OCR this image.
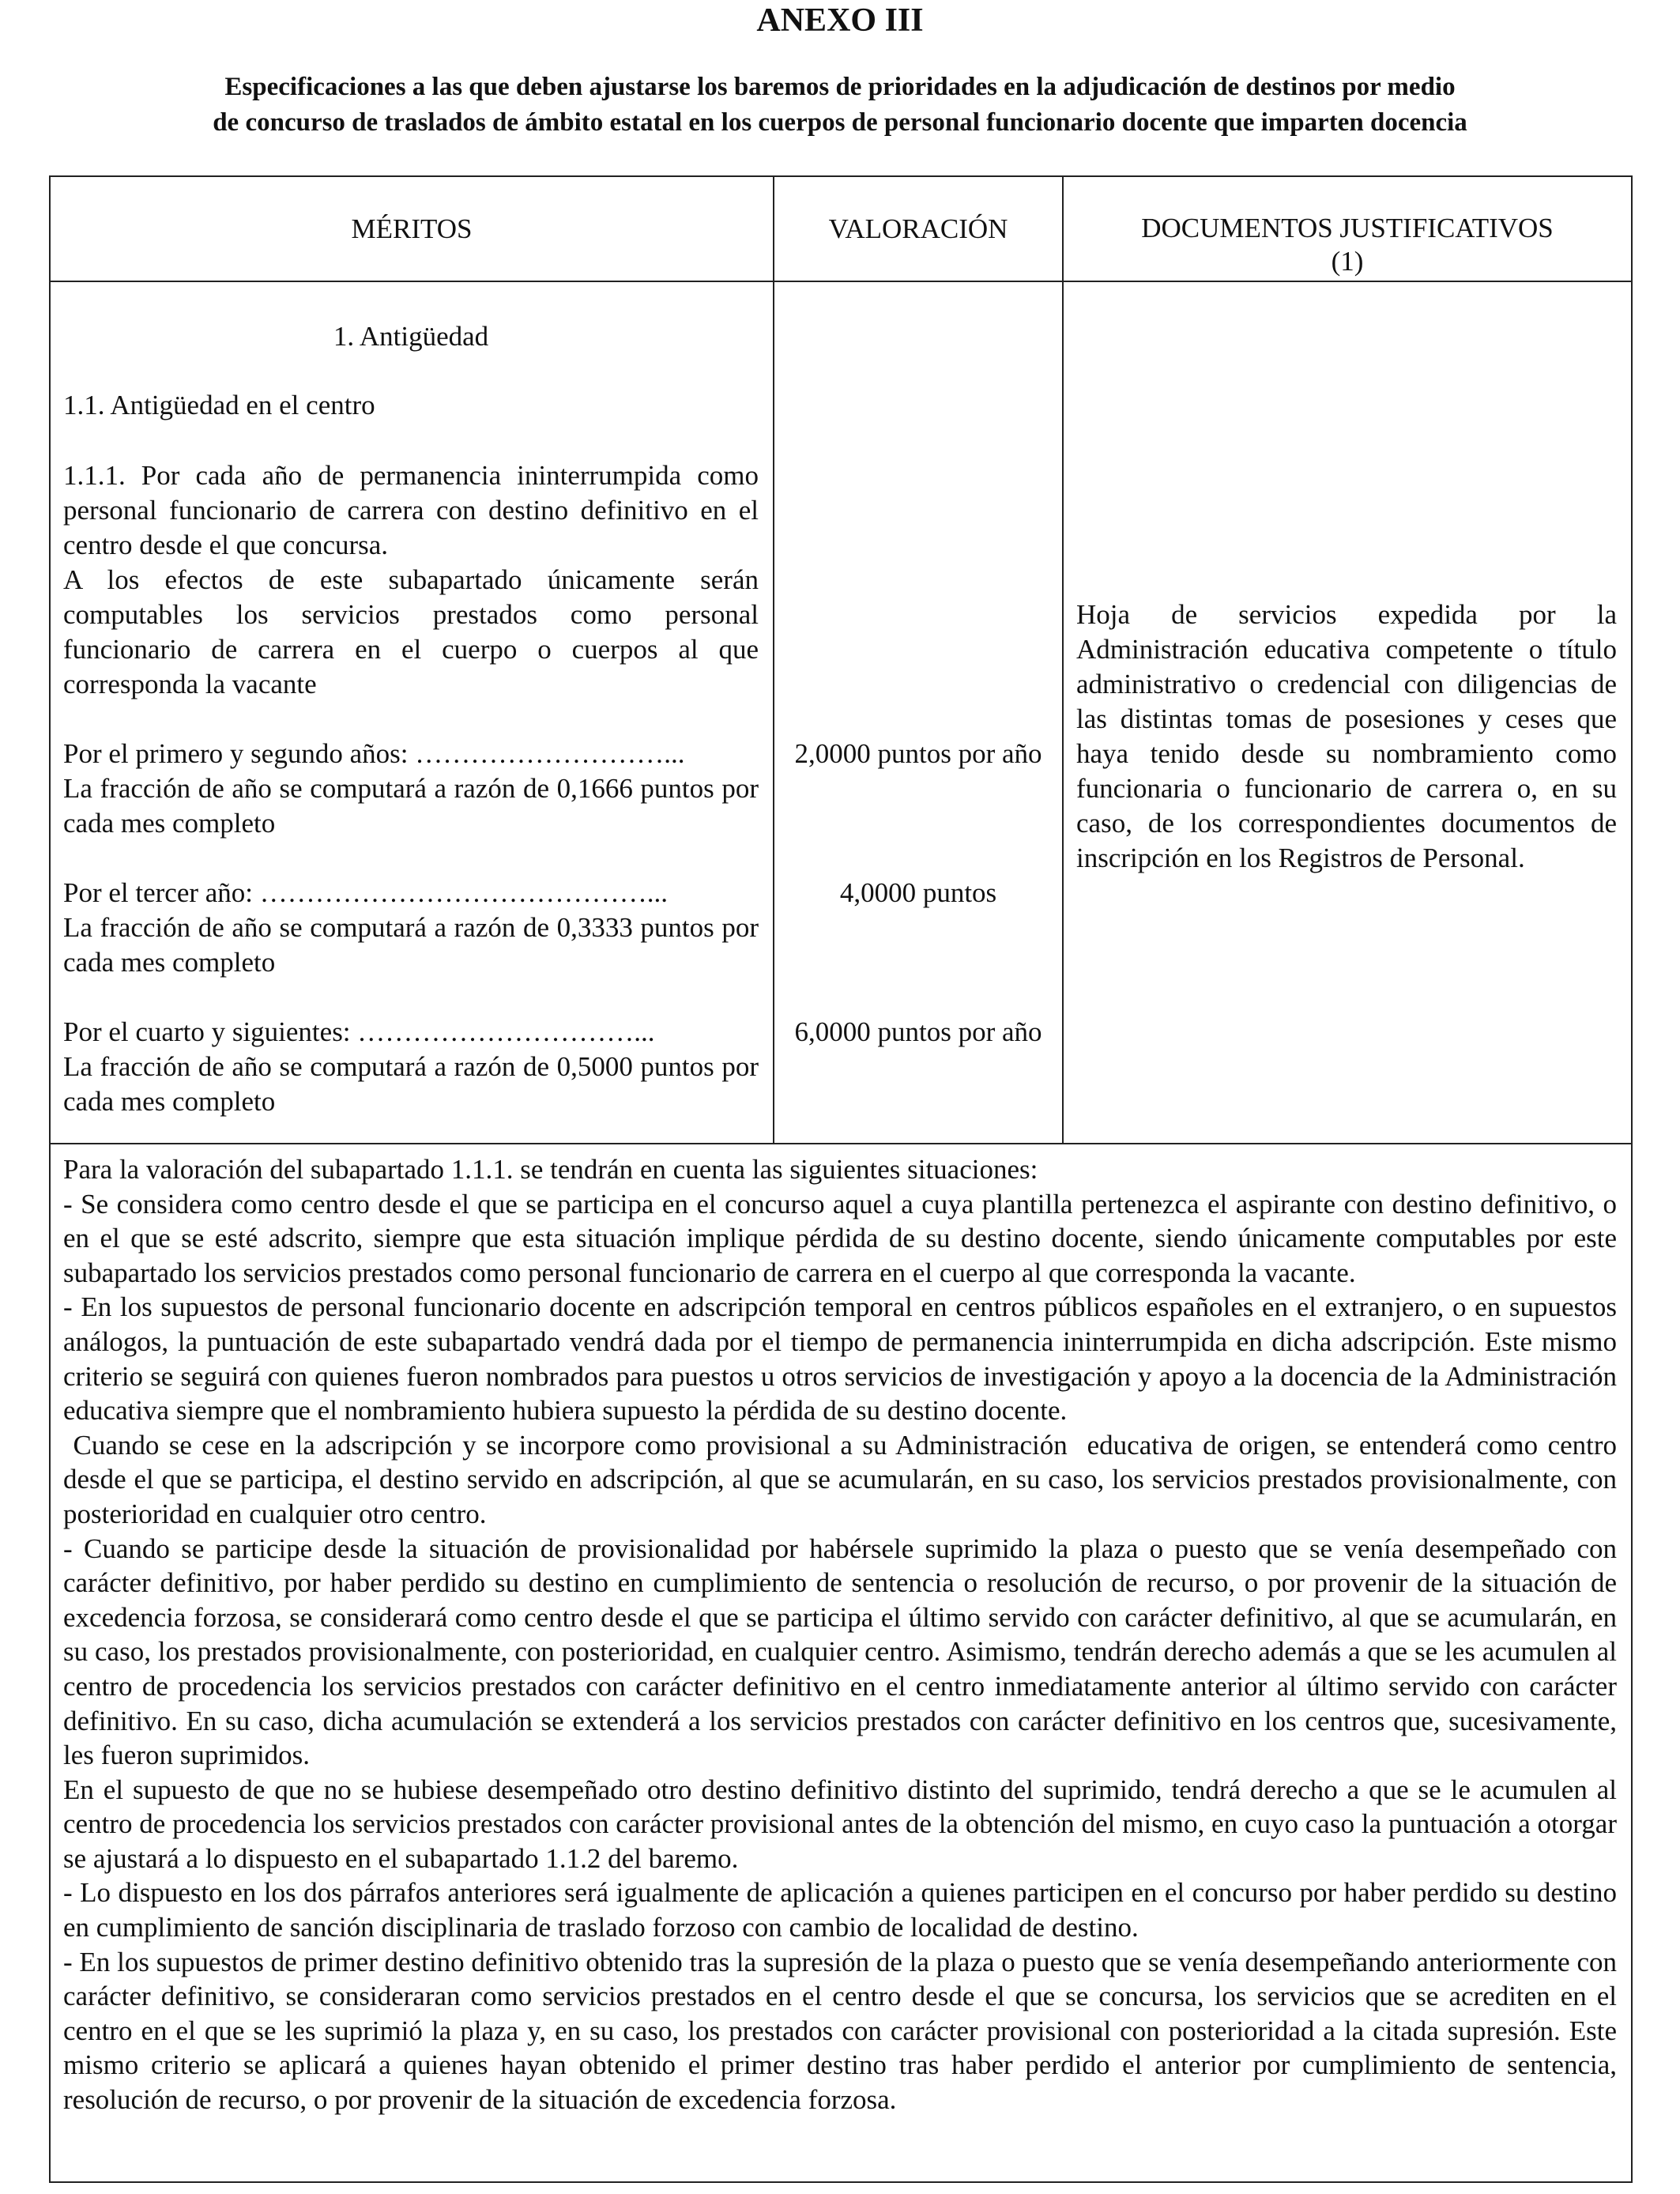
ANEXO III
Especificaciones a las que deben ajustarse los baremos de prioridades en la adjudicación de destinos por medio
de concurso de traslados de ámbito estatal en los cuerpos de personal funcionario docente que imparten docencia
MÉRITOS	VALORACIÓN	DOCUMENTOS JUSTIFICATIVOS
(1)
1. Antigüedad
1.1. Antigüedad en el centro
1.1.1. Por cada año de permanencia ininterrumpida como personal funcionario de carrera con destino definitivo en el centro desde el que concursa.
A los efectos de este subapartado únicamente serán computables los servicios prestados como personal funcionario de carrera en el cuerpo o cuerpos al que corresponda la vacante
Por el primero y segundo años: ………………………...
La fracción de año se computará a razón de 0,1666 puntos por cada mes completo
Por el tercer año: ……………………………………...
La fracción de año se computará a razón de 0,3333 puntos por cada mes completo
Por el cuarto y siguientes: …………………………...
La fracción de año se computará a razón de 0,5000 puntos por cada mes completo
2,0000 puntos por año
4,0000 puntos
6,0000 puntos por año
Hoja de servicios expedida por la Administración educativa competente o título administrativo o credencial con diligencias de las distintas tomas de posesiones y ceses que haya tenido desde su nombramiento como funcionaria o funcionario de carrera o, en su caso, de los correspondientes documentos de inscripción en los Registros de Personal.

Para la valoración del subapartado 1.1.1. se tendrán en cuenta las siguientes situaciones:

- Se considera como centro desde el que se participa en el concurso aquel a cuya plantilla pertenezca el aspirante con destino definitivo, o en el que se esté adscrito, siempre que esta situación implique pérdida de su destino docente, siendo únicamente computables por este subapartado los servicios prestados como personal funcionario de carrera en el cuerpo al que corresponda la vacante.

- En los supuestos de personal funcionario docente en adscripción temporal en centros públicos españoles en el extranjero, o en supuestos análogos, la puntuación de este subapartado vendrá dada por el tiempo de permanencia ininterrumpida en dicha adscripción. Este mismo criterio se seguirá con quienes fueron nombrados para puestos u otros servicios de investigación y apoyo a la docencia de la Administración educativa siempre que el nombramiento hubiera supuesto la pérdida de su destino docente.

Cuando se cese en la adscripción y se incorpore como provisional a su Administración  educativa de origen, se entenderá como centro desde el que se participa, el destino servido en adscripción, al que se acumularán, en su caso, los servicios prestados provisionalmente, con posterioridad en cualquier otro centro.

- Cuando se participe desde la situación de provisionalidad por habérsele suprimido la plaza o puesto que se venía desempeñado con carácter definitivo, por haber perdido su destino en cumplimiento de sentencia o resolución de recurso, o por provenir de la situación de excedencia forzosa, se considerará como centro desde el que se participa el último servido con carácter definitivo, al que se acumularán, en su caso, los prestados provisionalmente, con posterioridad, en cualquier centro. Asimismo, tendrán derecho además a que se les acumulen al centro de procedencia los servicios prestados con carácter definitivo en el centro inmediatamente anterior al último servido con carácter definitivo. En su caso, dicha acumulación se extenderá a los servicios prestados con carácter definitivo en los centros que, sucesivamente, les fueron suprimidos.

En el supuesto de que no se hubiese desempeñado otro destino definitivo distinto del suprimido, tendrá derecho a que se le acumulen al centro de procedencia los servicios prestados con carácter provisional antes de la obtención del mismo, en cuyo caso la puntuación a otorgar se ajustará a lo dispuesto en el subapartado 1.1.2 del baremo.

- Lo dispuesto en los dos párrafos anteriores será igualmente de aplicación a quienes participen en el concurso por haber perdido su destino en cumplimiento de sanción disciplinaria de traslado forzoso con cambio de localidad de destino.

- En los supuestos de primer destino definitivo obtenido tras la supresión de la plaza o puesto que se venía desempeñando anteriormente con carácter definitivo, se consideraran como servicios prestados en el centro desde el que se concursa, los servicios que se acrediten en el centro en el que se les suprimió la plaza y, en su caso, los prestados con carácter provisional con posterioridad a la citada supresión. Este mismo criterio se aplicará a quienes hayan obtenido el primer destino tras haber perdido el anterior por cumplimiento de sentencia, resolución de recurso, o por provenir de la situación de excedencia forzosa.
